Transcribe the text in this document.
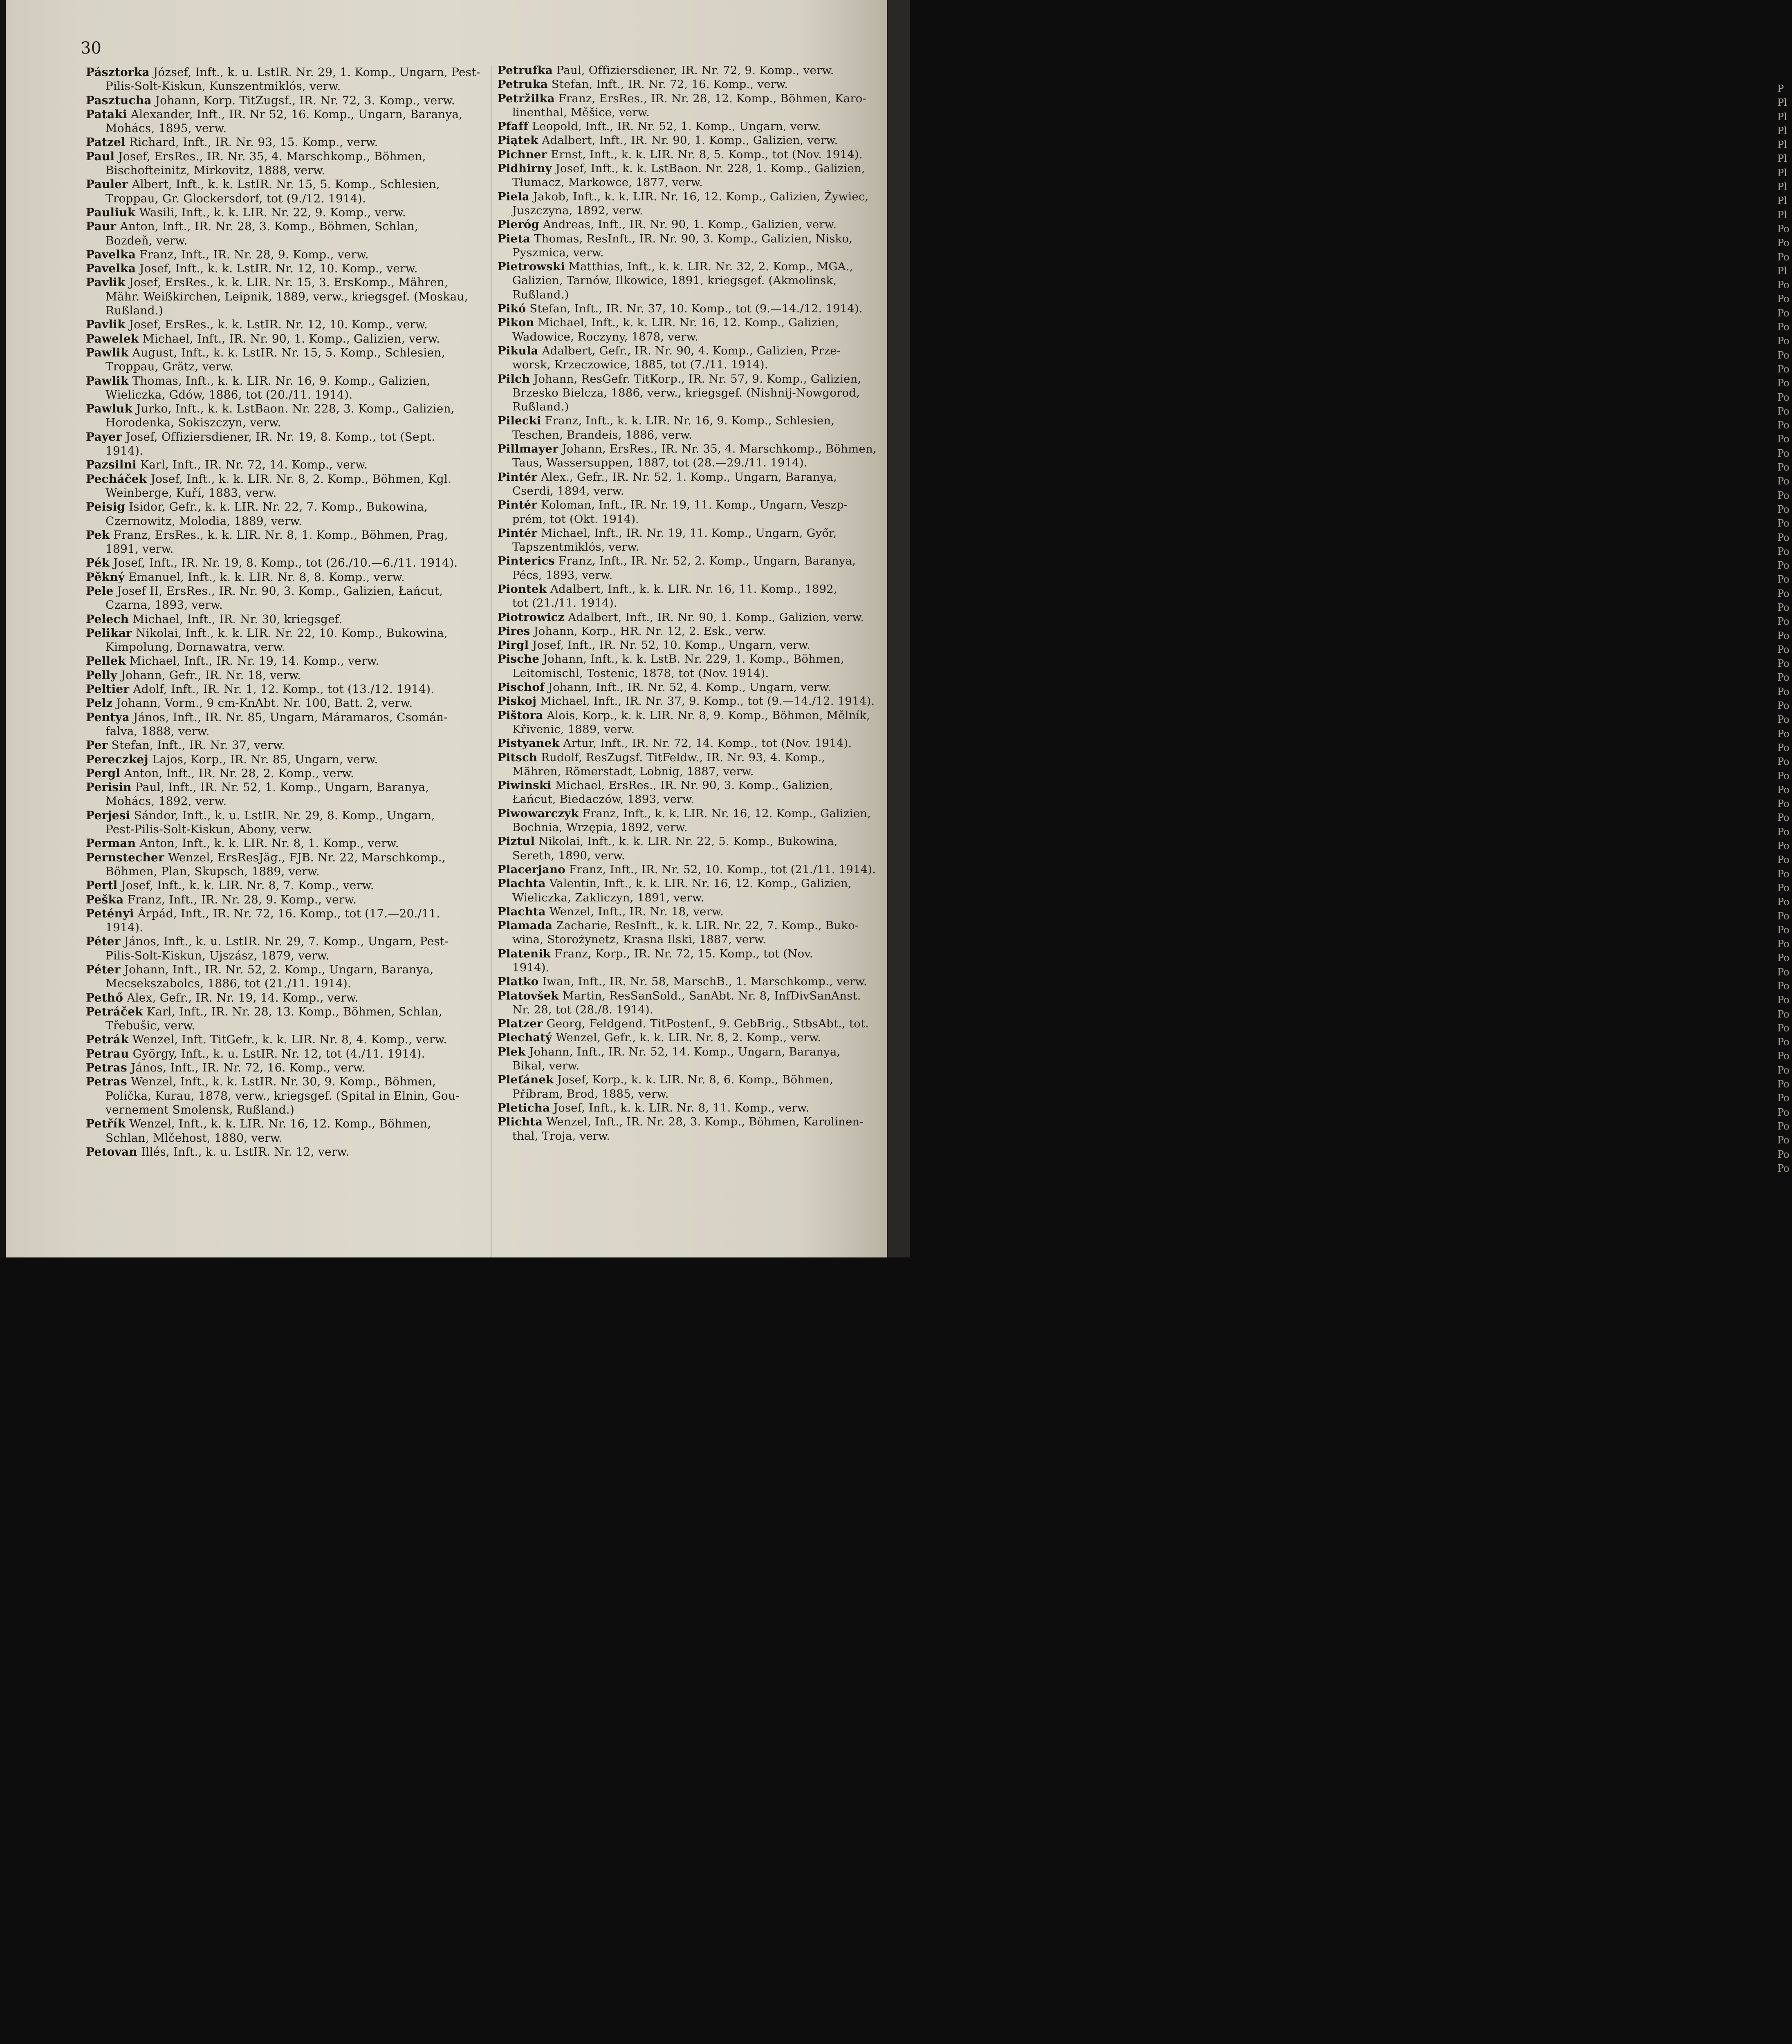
30
Pásztorka József, Inft., k. u. LstIR. Nr. 29, 1. Komp., Ungarn, Pest-
Pilis-Solt-Kiskun, Kunszentmiklós, verw.
Pasztucha Johann, Korp. TitZugsf., IR. Nr. 72, 3. Komp., verw.
Pataki Alexander, Inft., IR. Nr 52, 16. Komp., Ungarn, Baranya,
Mohács, 1895, verw.
Patzel Richard, Inft., IR. Nr. 93, 15. Komp., verw.
Paul Josef, ErsRes., IR. Nr. 35, 4. Marschkomp., Böhmen,
Bischofteinitz, Mirkovitz, 1888, verw.
Pauler Albert, Inft., k. k. LstIR. Nr. 15, 5. Komp., Schlesien,
Troppau, Gr. Glockersdorf, tot (9./12. 1914).
Pauliuk Wasili, Inft., k. k. LIR. Nr. 22, 9. Komp., verw.
Paur Anton, Inft., IR. Nr. 28, 3. Komp., Böhmen, Schlan,
Bozdeň, verw.
Pavelka Franz, Inft., IR. Nr. 28, 9. Komp., verw.
Pavelka Josef, Inft., k. k. LstIR. Nr. 12, 10. Komp., verw.
Pavlik Josef, ErsRes., k. k. LIR. Nr. 15, 3. ErsKomp., Mähren,
Mähr. Weißkirchen, Leipnik, 1889, verw., kriegsgef. (Moskau,
Rußland.)
Pavlik Josef, ErsRes., k. k. LstIR. Nr. 12, 10. Komp., verw.
Pawelek Michael, Inft., IR. Nr. 90, 1. Komp., Galizien, verw.
Pawlik August, Inft., k. k. LstIR. Nr. 15, 5. Komp., Schlesien,
Troppau, Grätz, verw.
Pawlik Thomas, Inft., k. k. LIR. Nr. 16, 9. Komp., Galizien,
Wieliczka, Gdów, 1886, tot (20./11. 1914).
Pawluk Jurko, Inft., k. k. LstBaon. Nr. 228, 3. Komp., Galizien,
Horodenka, Sokiszczyn, verw.
Payer Josef, Offiziersdiener, IR. Nr. 19, 8. Komp., tot (Sept.
1914).
Pazsilni Karl, Inft., IR. Nr. 72, 14. Komp., verw.
Pecháček Josef, Inft., k. k. LIR. Nr. 8, 2. Komp., Böhmen, Kgl.
Weinberge, Kuří, 1883, verw.
Peisig Isidor, Gefr., k. k. LIR. Nr. 22, 7. Komp., Bukowina,
Czernowitz, Molodia, 1889, verw.
Pek Franz, ErsRes., k. k. LIR. Nr. 8, 1. Komp., Böhmen, Prag,
1891, verw.
Pék Josef, Inft., IR. Nr. 19, 8. Komp., tot (26./10.—6./11. 1914).
Pěkný Emanuel, Inft., k. k. LIR. Nr. 8, 8. Komp., verw.
Pele Josef II, ErsRes., IR. Nr. 90, 3. Komp., Galizien, Łańcut,
Czarna, 1893, verw.
Pelech Michael, Inft., IR. Nr. 30, kriegsgef.
Pelikar Nikolai, Inft., k. k. LIR. Nr. 22, 10. Komp., Bukowina,
Kimpolung, Dornawatra, verw.
Pellek Michael, Inft., IR. Nr. 19, 14. Komp., verw.
Pelly Johann, Gefr., IR. Nr. 18, verw.
Peltier Adolf, Inft., IR. Nr. 1, 12. Komp., tot (13./12. 1914).
Pelz Johann, Vorm., 9 cm-KnAbt. Nr. 100, Batt. 2, verw.
Pentya János, Inft., IR. Nr. 85, Ungarn, Máramaros, Csomán-
falva, 1888, verw.
Per Stefan, Inft., IR. Nr. 37, verw.
Pereczkej Lajos, Korp., IR. Nr. 85, Ungarn, verw.
Pergl Anton, Inft., IR. Nr. 28, 2. Komp., verw.
Perisin Paul, Inft., IR. Nr. 52, 1. Komp., Ungarn, Baranya,
Mohács, 1892, verw.
Perjesi Sándor, Inft., k. u. LstIR. Nr. 29, 8. Komp., Ungarn,
Pest-Pilis-Solt-Kiskun, Abony, verw.
Perman Anton, Inft., k. k. LIR. Nr. 8, 1. Komp., verw.
Pernstecher Wenzel, ErsResJäg., FJB. Nr. 22, Marschkomp.,
Böhmen, Plan, Skupsch, 1889, verw.
Pertl Josef, Inft., k. k. LIR. Nr. 8, 7. Komp., verw.
Peška Franz, Inft., IR. Nr. 28, 9. Komp., verw.
Petényi Árpád, Inft., IR. Nr. 72, 16. Komp., tot (17.—20./11.
1914).
Péter János, Inft., k. u. LstIR. Nr. 29, 7. Komp., Ungarn, Pest-
Pilis-Solt-Kiskun, Ujszász, 1879, verw.
Péter Johann, Inft., IR. Nr. 52, 2. Komp., Ungarn, Baranya,
Mecsekszabolcs, 1886, tot (21./11. 1914).
Pethő Alex, Gefr., IR. Nr. 19, 14. Komp., verw.
Petráček Karl, Inft., IR. Nr. 28, 13. Komp., Böhmen, Schlan,
Třebušic, verw.
Petrák Wenzel, Inft. TitGefr., k. k. LIR. Nr. 8, 4. Komp., verw.
Petrau György, Inft., k. u. LstIR. Nr. 12, tot (4./11. 1914).
Petras János, Inft., IR. Nr. 72, 16. Komp., verw.
Petras Wenzel, Inft., k. k. LstIR. Nr. 30, 9. Komp., Böhmen,
Polička, Kurau, 1878, verw., kriegsgef. (Spital in Elnin, Gou-
vernement Smolensk, Rußland.)
Petřík Wenzel, Inft., k. k. LIR. Nr. 16, 12. Komp., Böhmen,
Schlan, Mlčehost, 1880, verw.
Petovan Illés, Inft., k. u. LstIR. Nr. 12, verw.
Petrufka Paul, Offiziersdiener, IR. Nr. 72, 9. Komp., verw.
Petruka Stefan, Inft., IR. Nr. 72, 16. Komp., verw.
Petržilka Franz, ErsRes., IR. Nr. 28, 12. Komp., Böhmen, Karo-
linenthal, Měšice, verw.
Pfaff Leopold, Inft., IR. Nr. 52, 1. Komp., Ungarn, verw.
Piątek Adalbert, Inft., IR. Nr. 90, 1. Komp., Galizien, verw.
Pichner Ernst, Inft., k. k. LIR. Nr. 8, 5. Komp., tot (Nov. 1914).
Pidhirny Josef, Inft., k. k. LstBaon. Nr. 228, 1. Komp., Galizien,
Tłumacz, Markowce, 1877, verw.
Piela Jakob, Inft., k. k. LIR. Nr. 16, 12. Komp., Galizien, Żywiec,
Juszczyna, 1892, verw.
Pieróg Andreas, Inft., IR. Nr. 90, 1. Komp., Galizien, verw.
Pieta Thomas, ResInft., IR. Nr. 90, 3. Komp., Galizien, Nisko,
Pyszmica, verw.
Pietrowski Matthias, Inft., k. k. LIR. Nr. 32, 2. Komp., MGA.,
Galizien, Tarnów, Ilkowice, 1891, kriegsgef. (Akmolinsk,
Rußland.)
Pikó Stefan, Inft., IR. Nr. 37, 10. Komp., tot (9.—14./12. 1914).
Pikon Michael, Inft., k. k. LIR. Nr. 16, 12. Komp., Galizien,
Wadowice, Roczyny, 1878, verw.
Pikula Adalbert, Gefr., IR. Nr. 90, 4. Komp., Galizien, Prze-
worsk, Krzeczowice, 1885, tot (7./11. 1914).
Pilch Johann, ResGefr. TitKorp., IR. Nr. 57, 9. Komp., Galizien,
Brzesko Bielcza, 1886, verw., kriegsgef. (Nishnij-Nowgorod,
Rußland.)
Pilecki Franz, Inft., k. k. LIR. Nr. 16, 9. Komp., Schlesien,
Teschen, Brandeis, 1886, verw.
Pillmayer Johann, ErsRes., IR. Nr. 35, 4. Marschkomp., Böhmen,
Taus, Wassersuppen, 1887, tot (28.—29./11. 1914).
Pintér Alex., Gefr., IR. Nr. 52, 1. Komp., Ungarn, Baranya,
Cserdi, 1894, verw.
Pintér Koloman, Inft., IR. Nr. 19, 11. Komp., Ungarn, Veszp-
prém, tot (Okt. 1914).
Pintér Michael, Inft., IR. Nr. 19, 11. Komp., Ungarn, Győr,
Tapszentmiklós, verw.
Pinterics Franz, Inft., IR. Nr. 52, 2. Komp., Ungarn, Baranya,
Pécs, 1893, verw.
Piontek Adalbert, Inft., k. k. LIR. Nr. 16, 11. Komp., 1892,
tot (21./11. 1914).
Piotrowicz Adalbert, Inft., IR. Nr. 90, 1. Komp., Galizien, verw.
Pires Johann, Korp., HR. Nr. 12, 2. Esk., verw.
Pirgl Josef, Inft., IR. Nr. 52, 10. Komp., Ungarn, verw.
Pische Johann, Inft., k. k. LstB. Nr. 229, 1. Komp., Böhmen,
Leitomischl, Tostenic, 1878, tot (Nov. 1914).
Pischof Johann, Inft., IR. Nr. 52, 4. Komp., Ungarn, verw.
Piskoj Michael, Inft., IR. Nr. 37, 9. Komp., tot (9.—14./12. 1914).
Pištora Alois, Korp., k. k. LIR. Nr. 8, 9. Komp., Böhmen, Mělník,
Křivenic, 1889, verw.
Pistyanek Artur, Inft., IR. Nr. 72, 14. Komp., tot (Nov. 1914).
Pitsch Rudolf, ResZugsf. TitFeldw., IR. Nr. 93, 4. Komp.,
Mähren, Römerstadt, Lobnig, 1887, verw.
Piwinski Michael, ErsRes., IR. Nr. 90, 3. Komp., Galizien,
Łańcut, Biedaczów, 1893, verw.
Piwowarczyk Franz, Inft., k. k. LIR. Nr. 16, 12. Komp., Galizien,
Bochnia, Wrzępia, 1892, verw.
Piztul Nikolai, Inft., k. k. LIR. Nr. 22, 5. Komp., Bukowina,
Sereth, 1890, verw.
Placerjano Franz, Inft., IR. Nr. 52, 10. Komp., tot (21./11. 1914).
Plachta Valentin, Inft., k. k. LIR. Nr. 16, 12. Komp., Galizien,
Wieliczka, Zakliczyn, 1891, verw.
Plachta Wenzel, Inft., IR. Nr. 18, verw.
Plamada Zacharie, ResInft., k. k. LIR. Nr. 22, 7. Komp., Buko-
wina, Storożynetz, Krasna Ilski, 1887, verw.
Platenik Franz, Korp., IR. Nr. 72, 15. Komp., tot (Nov.
1914).
Platko Iwan, Inft., IR. Nr. 58, MarschB., 1. Marschkomp., verw.
Platovšek Martin, ResSanSold., SanAbt. Nr. 8, InfDivSanAnst.
Nr. 28, tot (28./8. 1914).
Platzer Georg, Feldgend. TitPostenf., 9. GebBrig., StbsAbt., tot.
Plechatý Wenzel, Gefr., k. k. LIR. Nr. 8, 2. Komp., verw.
Plek Johann, Inft., IR. Nr. 52, 14. Komp., Ungarn, Baranya,
Bikal, verw.
Pleťánek Josef, Korp., k. k. LIR. Nr. 8, 6. Komp., Böhmen,
Příbram, Brod, 1885, verw.
Pleticha Josef, Inft., k. k. LIR. Nr. 8, 11. Komp., verw.
Plichta Wenzel, Inft., IR. Nr. 28, 3. Komp., Böhmen, Karolinen-
thal, Troja, verw.
P
Pl
Pl
Pl
Pl
Pl
Pl
Pl
Pl
Pl
Po
Po
Po
Pl
Po
Po
Po
Po
Po
Po
Po
Po
Po
Po
Po
Po
Po
Po
Po
Po
Po
Po
Po
Po
Po
Po
Po
Po
Po
Po
Po
Po
Po
Po
Po
Po
Po
Po
Po
Po
Po
Po
Po
Po
Po
Po
Po
Po
Po
Po
Po
Po
Po
Po
Po
Po
Po
Po
Po
Po
Po
Po
Po
Po
Po
Po
Po
Po
